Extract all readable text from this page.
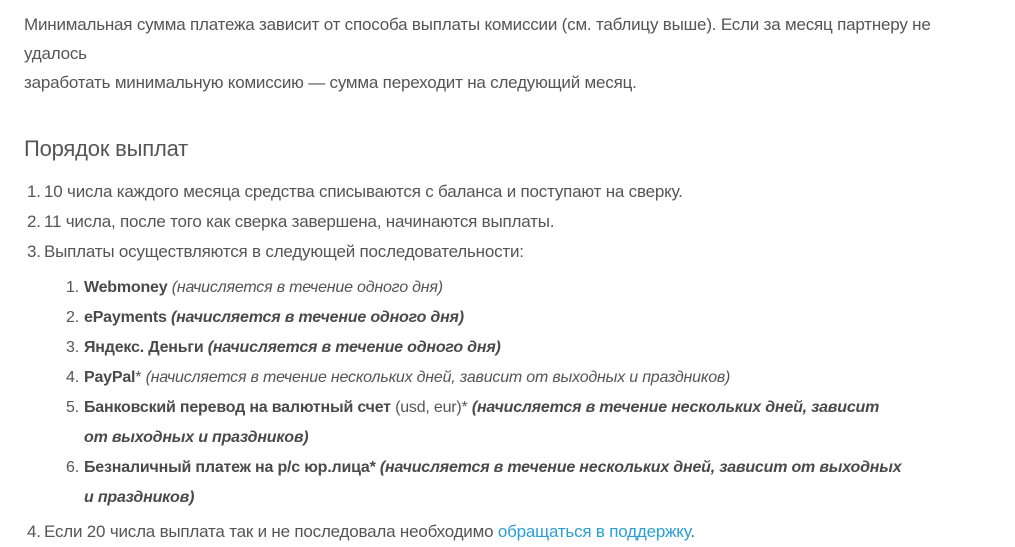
Минимальная сумма платежа зависит от способа выплаты комиссии (см. таблицу выше). Если за месяц партнеру не удалось
заработать минимальную комиссию — сумма переходит на следующий месяц.

Порядок выплат
1. 10 числа каждого месяца средства списываются с баланса и поступают на сверку.
2. 11 числа, после того как сверка завершена, начинаются выплаты.
3. Выплаты осуществляются в следующей последовательности:
1. Webmoney (начисляется в течение одного дня)
2. ePayments (начисляется в течение одного дня)
3. Яндекс. Деньги (начисляется в течение одного дня)
4. PayPal* (начисляется в течение нескольких дней, зависит от выходных и праздников)
5. Банковский перевод на валютный счет (usd, eur)* (начисляется в течение нескольких дней, зависит от выходных и праздников)
6. Безналичный платеж на р/с юр.лица* (начисляется в течение нескольких дней, зависит от выходных и праздников)
4. Если 20 числа выплата так и не последовала необходимо обращаться в поддержку.
